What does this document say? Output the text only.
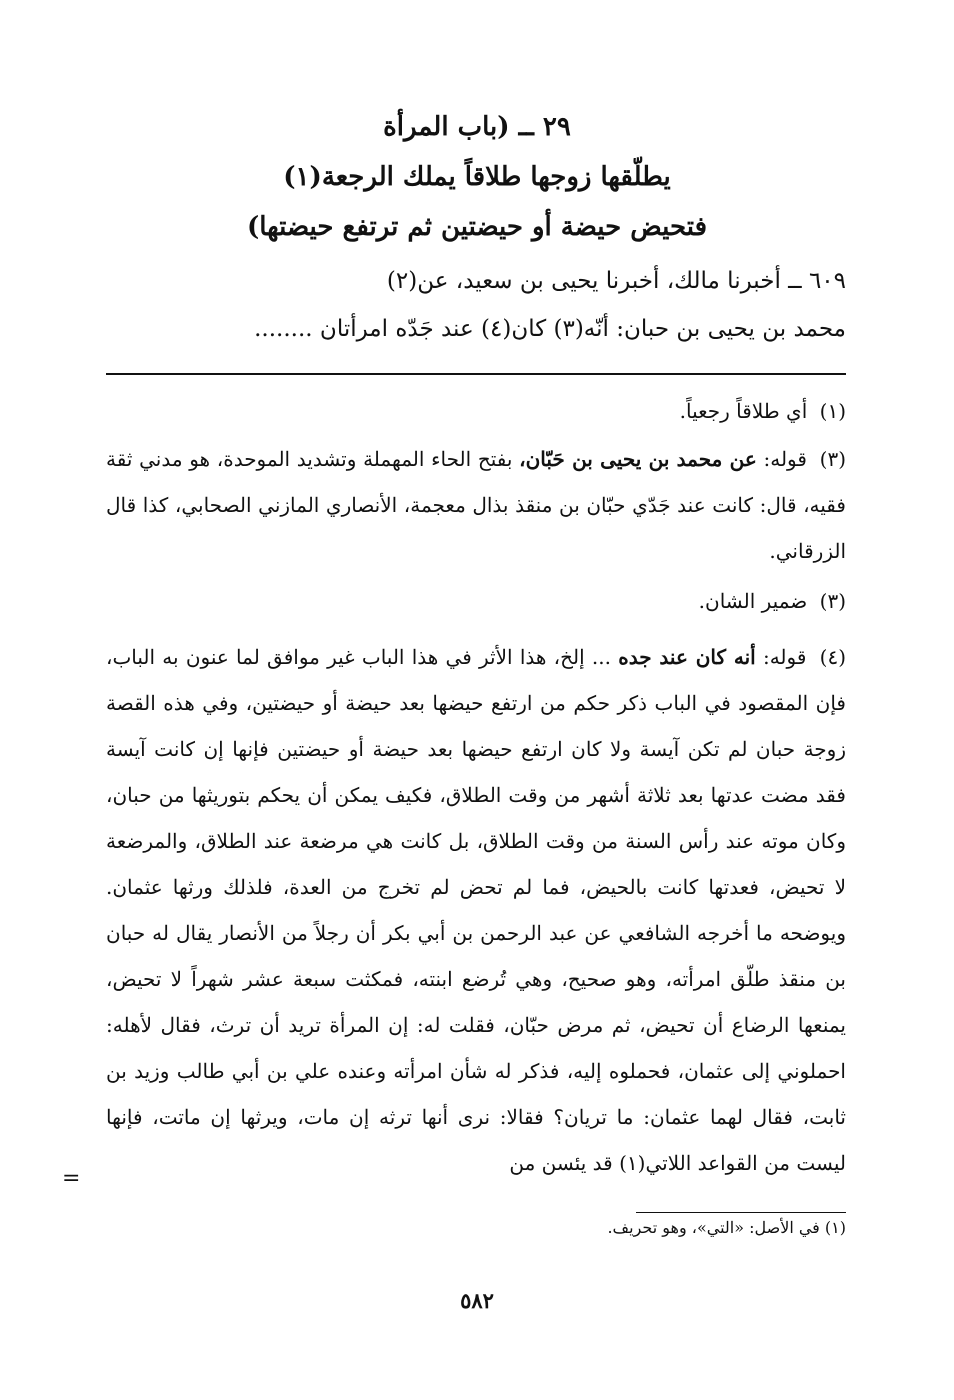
٢٩ ــ (باب المرأة
يطلّقها زوجها طلاقاً يملك الرجعة(١)
فتحيض حيضة أو حيضتين ثم ترتفع حيضتها)
٦٠٩ ــ أخبرنا مالك، أخبرنا يحيى بن سعيد، عن(٢)
محمد بن يحيى بن حبان: أنّه(٣) كان(٤) عند جَدّه امرأتان ........
(١) أي طلاقاً رجعياً.
(٣) قوله: عن محمد بن يحيى بن حَبّان، بفتح الحاء المهملة وتشديد الموحدة، هو مدني ثقة فقيه، قال: كانت عند جَدّي حبّان بن منقذ بذال معجمة، الأنصاري المازني الصحابي، كذا قال الزرقاني.
(٣) ضمير الشان.
(٤) قوله: أنه كان عند جده ... إلخ، هذا الأثر في هذا الباب غير موافق لما عنون به الباب، فإن المقصود في الباب ذكر حكم من ارتفع حيضها بعد حيضة أو حيضتين، وفي هذه القصة زوجة حبان لم تكن آيسة ولا كان ارتفع حيضها بعد حيضة أو حيضتين فإنها إن كانت آيسة فقد مضت عدتها بعد ثلاثة أشهر من وقت الطلاق، فكيف يمكن أن يحكم بتوريثها من حبان، وكان موته عند رأس السنة من وقت الطلاق، بل كانت هي مرضعة عند الطلاق، والمرضعة لا تحيض، فعدتها كانت بالحيض، فما لم تحض لم تخرج من العدة، فلذلك ورثها عثمان. ويوضحه ما أخرجه الشافعي عن عبد الرحمن بن أبي بكر أن رجلاً من الأنصار يقال له حبان بن منقذ طلّق امرأته، وهو صحيح، وهي تُرضع ابنته، فمكثت سبعة عشر شهراً لا تحيض، يمنعها الرضاع أن تحيض، ثم مرض حبّان، فقلت له: إن المرأة تريد أن ترث، فقال لأهله: احملوني إلى عثمان، فحملوه إليه، فذكر له شأن امرأته وعنده علي بن أبي طالب وزيد بن ثابت، فقال لهما عثمان: ما تريان؟ فقالا: نرى أنها ترثه إن مات، ويرثها إن ماتت، فإنها ليست من القواعد اللاتي(١) قد يئسن من
=
(١) في الأصل: «التي»، وهو تحريف.
٥٨٢
